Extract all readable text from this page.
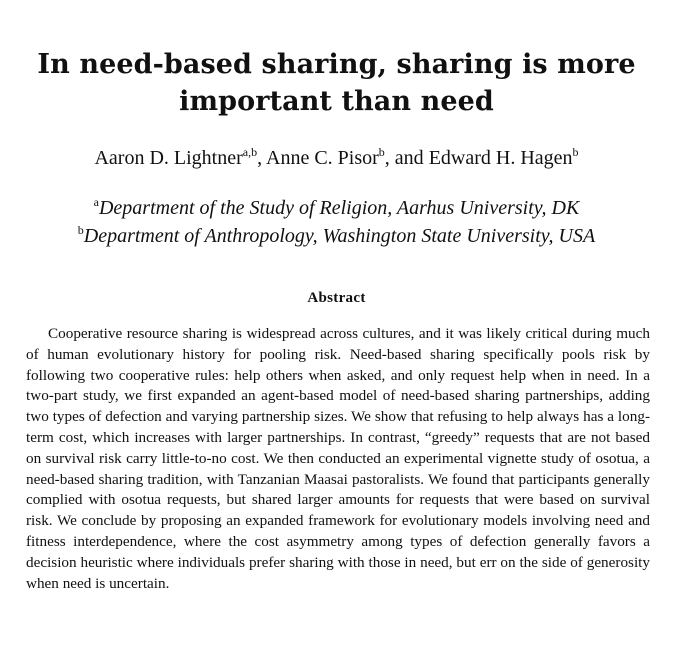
In need-based sharing, sharing is more
important than need
Aaron D. Lightner$^{a,b}$, Anne C. Pisor$^b$, and Edward H. Hagen$^b$
$^a$Department of the Study of Religion, Aarhus University, DK
$^b$Department of Anthropology, Washington State University, USA
Abstract

Cooperative resource sharing is widespread across cultures, and it was likely critical during much of human evolutionary history for pooling risk. Need-based sharing specifically pools risk by following two cooperative rules: help others when asked, and only request help when in need. In a two-part study, we first expanded an agent-based model of need-based sharing partnerships, adding two types of defection and varying partnership sizes. We show that refusing to help always has a long-term cost, which increases with larger partnerships. In contrast, “greedy” requests that are not based on survival risk carry little-to-no cost. We then conducted an experimental vignette study of osotua, a need-based sharing tradition, with Tanzanian Maasai pastoralists. We found that participants generally complied with osotua requests, but shared larger amounts for requests that were based on survival risk. We conclude by proposing an expanded framework for evolutionary models involving need and fitness interdependence, where the cost asymmetry among types of defection generally favors a decision heuristic where individuals prefer sharing with those in need, but err on the side of generosity when need is uncertain.
